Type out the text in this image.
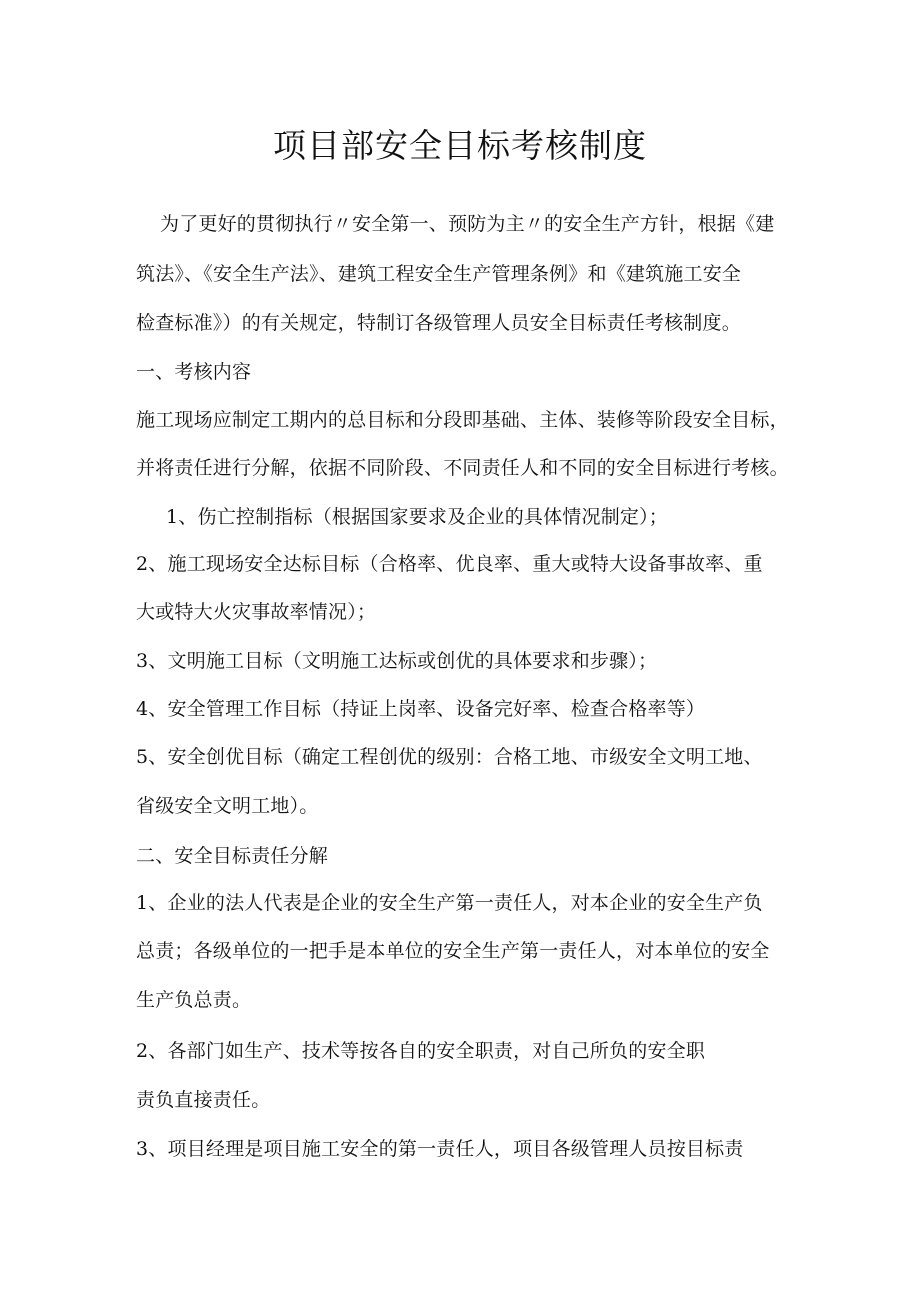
项目部安全目标考核制度

为了更好的贯彻执行〃安全第一、预防为主〃的安全生产方针，根据《建

筑法》、《安全生产法》、建筑工程安全生产管理条例》和《建筑施工安全

检查标准》）的有关规定，特制订各级管理人员安全目标责任考核制度。

一、考核内容

施工现场应制定工期内的总目标和分段即基础、主体、装修等阶段安全目标，

并将责任进行分解，依据不同阶段、不同责任人和不同的安全目标进行考核。

1、伤亡控制指标（根据国家要求及企业的具体情况制定）；

2、施工现场安全达标目标（合格率、优良率、重大或特大设备事故率、重

大或特大火灾事故率情况）；

3、文明施工目标（文明施工达标或创优的具体要求和步骤）；

4、安全管理工作目标（持证上岗率、设备完好率、检查合格率等）

5、安全创优目标（确定工程创优的级别：合格工地、市级安全文明工地、

省级安全文明工地）。

二、安全目标责任分解

1、企业的法人代表是企业的安全生产第一责任人，对本企业的安全生产负

总责；各级单位的一把手是本单位的安全生产第一责任人，对本单位的安全

生产负总责。

2、各部门如生产、技术等按各自的安全职责，对自己所负的安全职

责负直接责任。

3、项目经理是项目施工安全的第一责任人，项目各级管理人员按目标责
